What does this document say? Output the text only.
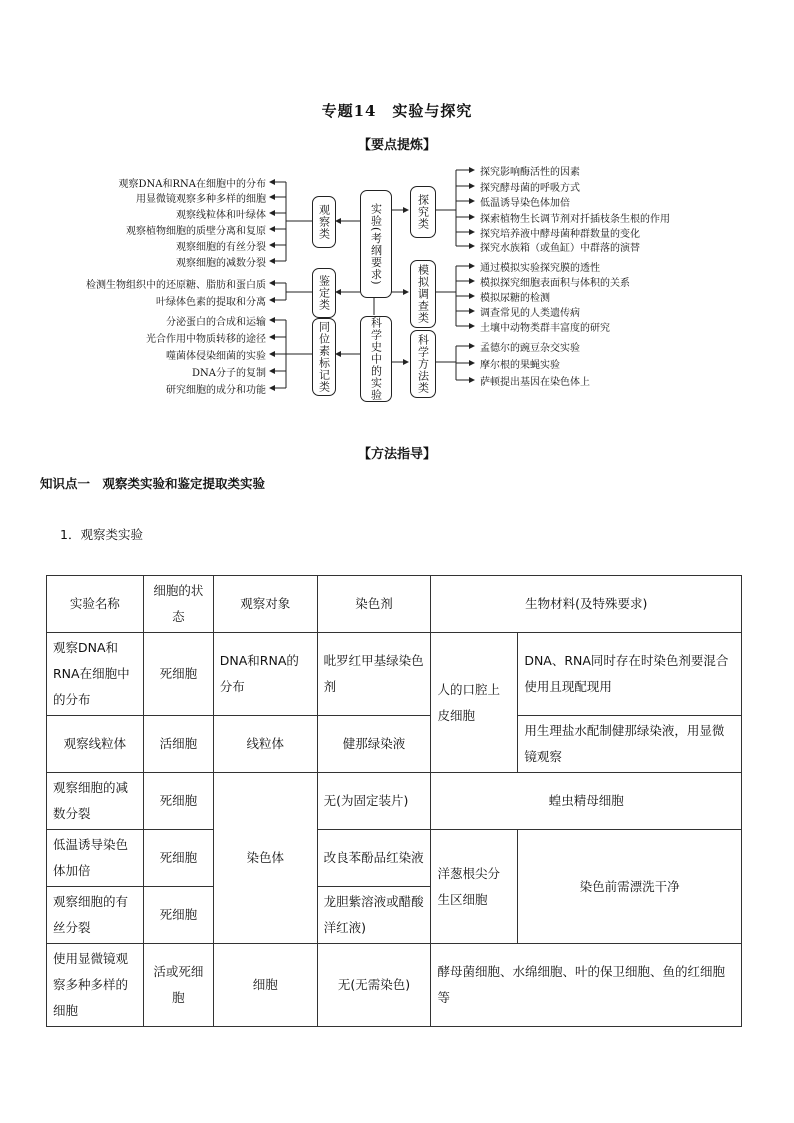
专题14　实验与探究
【要点提炼】
观察DNA和RNA在细胞中的分布
用显微镜观察多种多样的细胞
观察线粒体和叶绿体
观察植物细胞的质壁分离和复原
观察细胞的有丝分裂
观察细胞的减数分裂
检测生物组织中的还原糖、脂肪和蛋白质
叶绿体色素的提取和分离
分泌蛋白的合成和运输
光合作用中物质转移的途径
噬菌体侵染细菌的实验
DNA分子的复制
研究细胞的成分和功能
观察类
鉴定类
同位素标记类
实验(考纲要求)
科学史中的实验
探究类
模拟调查类
科学方法类
探究影响酶活性的因素
探究酵母菌的呼吸方式
低温诱导染色体加倍
探索植物生长调节剂对扦插枝条生根的作用
探究培养液中酵母菌种群数量的变化
探究水族箱（或鱼缸）中群落的演替
通过模拟实验探究膜的透性
模拟探究细胞表面积与体积的关系
模拟尿糖的检测
调查常见的人类遗传病
土壤中动物类群丰富度的研究
孟德尔的豌豆杂交实验
摩尔根的果蝇实验
萨顿提出基因在染色体上
【方法指导】
知识点一　观察类实验和鉴定提取类实验
1．观察类实验
实验名称	细胞的状态	观察对象	染色剂	生物材料(及特殊要求)	
观察DNA和RNA在细胞中的分布	死细胞	DNA和RNA的分布	吡罗红甲基绿染色剂	人的口腔上皮细胞	DNA、RNA同时存在时染色剂要混合使用且现配现用
观察线粒体	活细胞	线粒体	健那绿染液		用生理盐水配制健那绿染液，用显微镜观察
观察细胞的减数分裂	死细胞	染色体	无(为固定装片)	蝗虫精母细胞	
低温诱导染色体加倍	死细胞		改良苯酚品红染液	洋葱根尖分生区细胞	染色前需漂洗干净
观察细胞的有丝分裂	死细胞		龙胆紫溶液或醋酸洋红液)		
使用显微镜观察多种多样的细胞	活或死细胞	细胞	无(无需染色)	酵母菌细胞、水绵细胞、叶的保卫细胞、鱼的红细胞等	
